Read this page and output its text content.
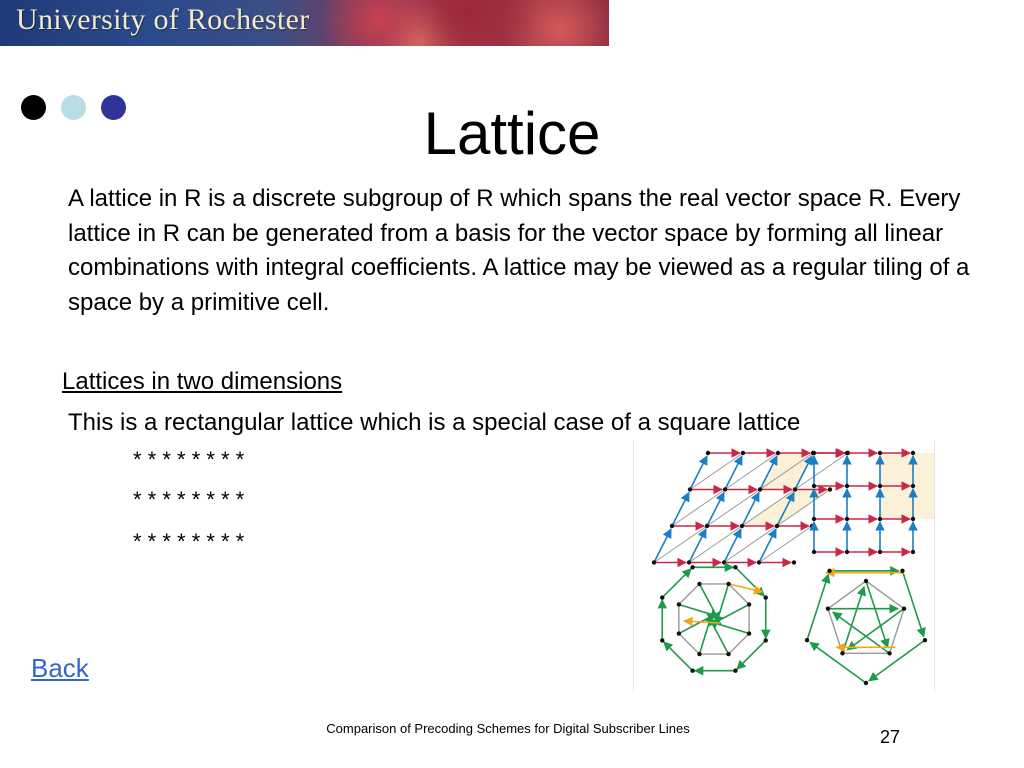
University of Rochester
Lattice

A lattice in R is a discrete subgroup of R which spans the real vector space R. Every lattice in R can be generated from a basis for the vector space by forming all linear combinations with integral coefficients. A lattice may be viewed as a regular tiling of a space by a primitive cell.

Lattices in two dimensions
This is a rectangular lattice which is a special case of a square lattice
* * * * * * * *
* * * * * * * *
* * * * * * * *
Back
Comparison of Precoding Schemes for Digital Subscriber Lines	27
